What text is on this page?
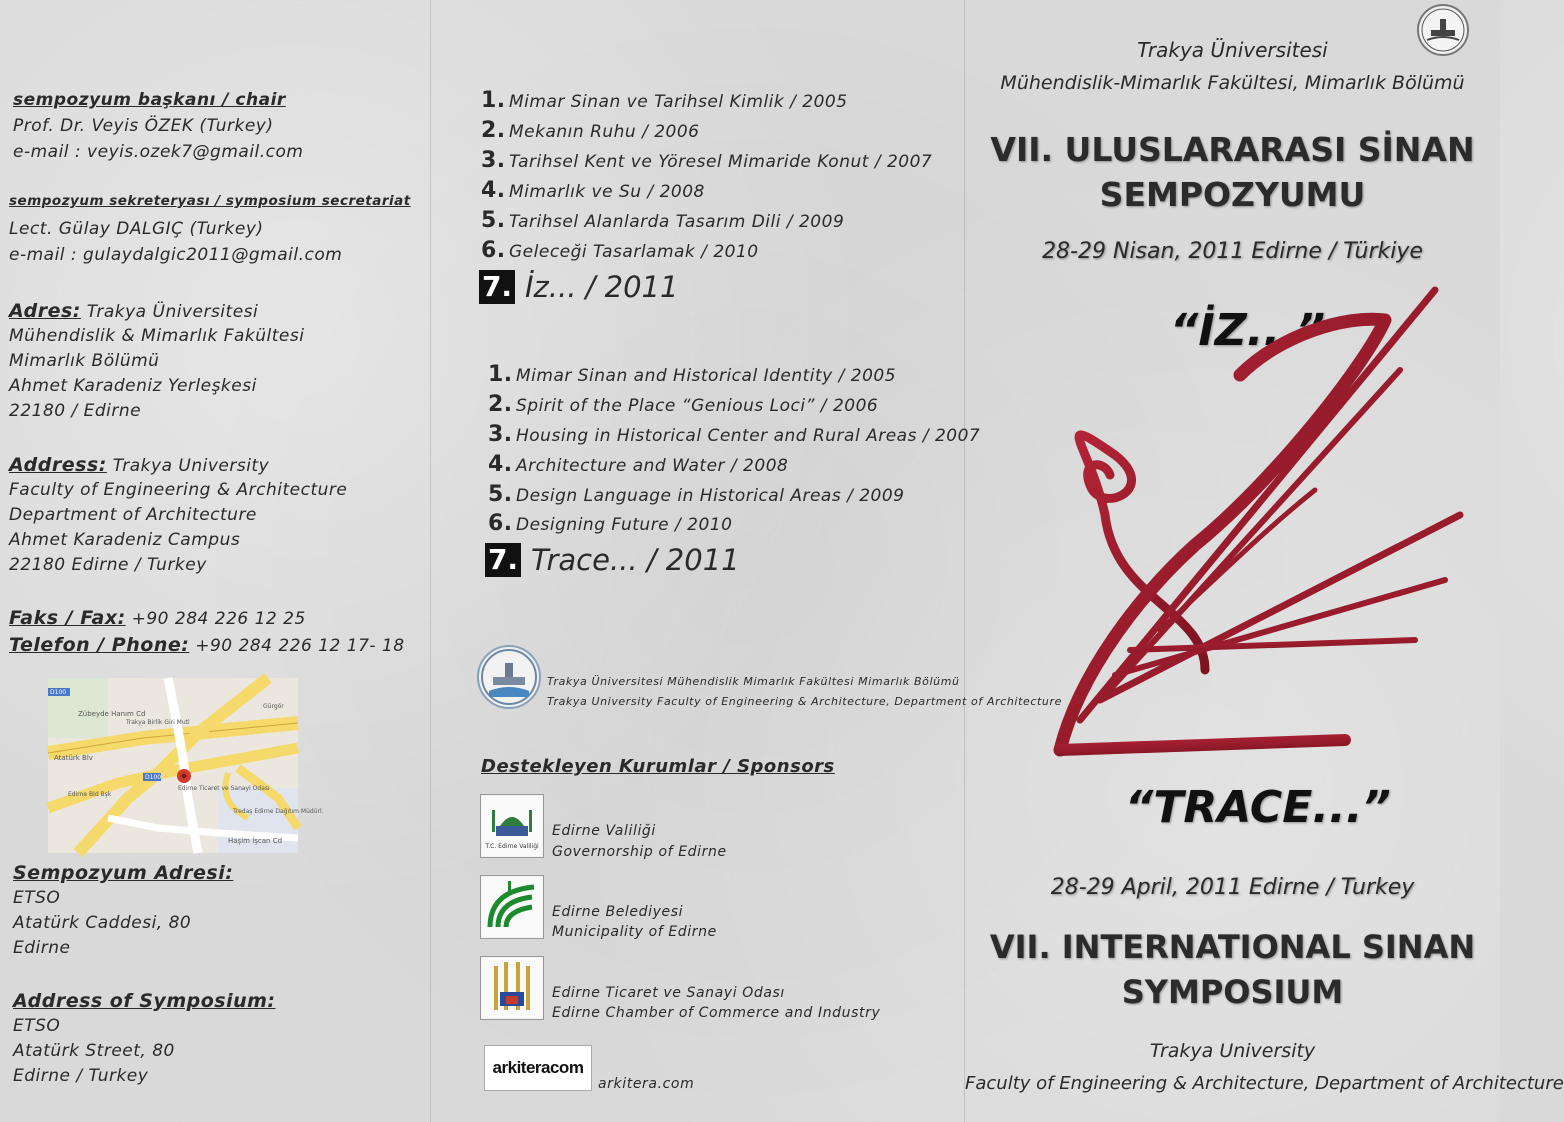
sempozyum başkanı / chair
Prof. Dr. Veyis ÖZEK (Turkey)
e-mail : veyis.ozek7@gmail.com
sempozyum sekreteryası / symposium secretariat
Lect. Gülay DALGIÇ (Turkey)
e-mail : gulaydalgic2011@gmail.com
Adres: Trakya Üniversitesi
Mühendislik & Mimarlık Fakültesi
Mimarlık Bölümü
Ahmet Karadeniz Yerleşkesi
22180 / Edirne
Address: Trakya University
Faculty of Engineering & Architecture
Department of Architecture
Ahmet Karadeniz Campus
22180 Edirne / Turkey
Faks / Fax: +90 284 226 12 25
Telefon / Phone: +90 284 226 12 17- 18
Zübeyde Hanım Cd
Atatürk Blv
Trakya Birlik Giri Mutl
Edirne Bld Bşk
Edirne Ticaret ve Sanayi Odası
D100
D100
Tredaş Edirne Dağıtım Müdürl.
Haşim İşcan Cd
Gürgör
Sempozyum Adresi:
ETSO
Atatürk Caddesi, 80
Edirne
Address of Symposium:
ETSO
Atatürk Street, 80
Edirne / Turkey
1. Mimar Sinan ve Tarihsel Kimlik / 2005
2. Mekanın Ruhu / 2006
3. Tarihsel Kent ve Yöresel Mimaride Konut / 2007
4. Mimarlık ve Su / 2008
5. Tarihsel Alanlarda Tasarım Dili / 2009
6. Geleceği Tasarlamak / 2010
7. İz... / 2011
1. Mimar Sinan and Historical Identity / 2005
2. Spirit of the Place “Genious Loci” / 2006
3. Housing in Historical Center and Rural Areas / 2007
4. Architecture and Water / 2008
5. Design Language in Historical Areas / 2009
6. Designing Future / 2010
7. Trace... / 2011
Trakya Üniversitesi Mühendislik Mimarlık Fakültesi Mimarlık Bölümü
Trakya University Faculty of Engineering & Architecture, Department of Architecture
Destekleyen Kurumlar / Sponsors
T.C. Edirne Valiliği
Edirne Valiliği
Governorship of Edirne
Edirne Belediyesi
Municipality of Edirne
Edirne Ticaret ve Sanayi Odası
Edirne Chamber of Commerce and Industry
arkiteracom
arkitera.com
Trakya Üniversitesi
Mühendislik-Mimarlık Fakültesi, Mimarlık Bölümü
VII. ULUSLARARASI SİNAN
SEMPOZYUMU
28-29 Nisan, 2011 Edirne / Türkiye
“İZ...”
“TRACE...”
28-29 April, 2011 Edirne / Turkey
VII. INTERNATIONAL SINAN
SYMPOSIUM
Trakya University
Faculty of Engineering & Architecture, Department of Architecture
